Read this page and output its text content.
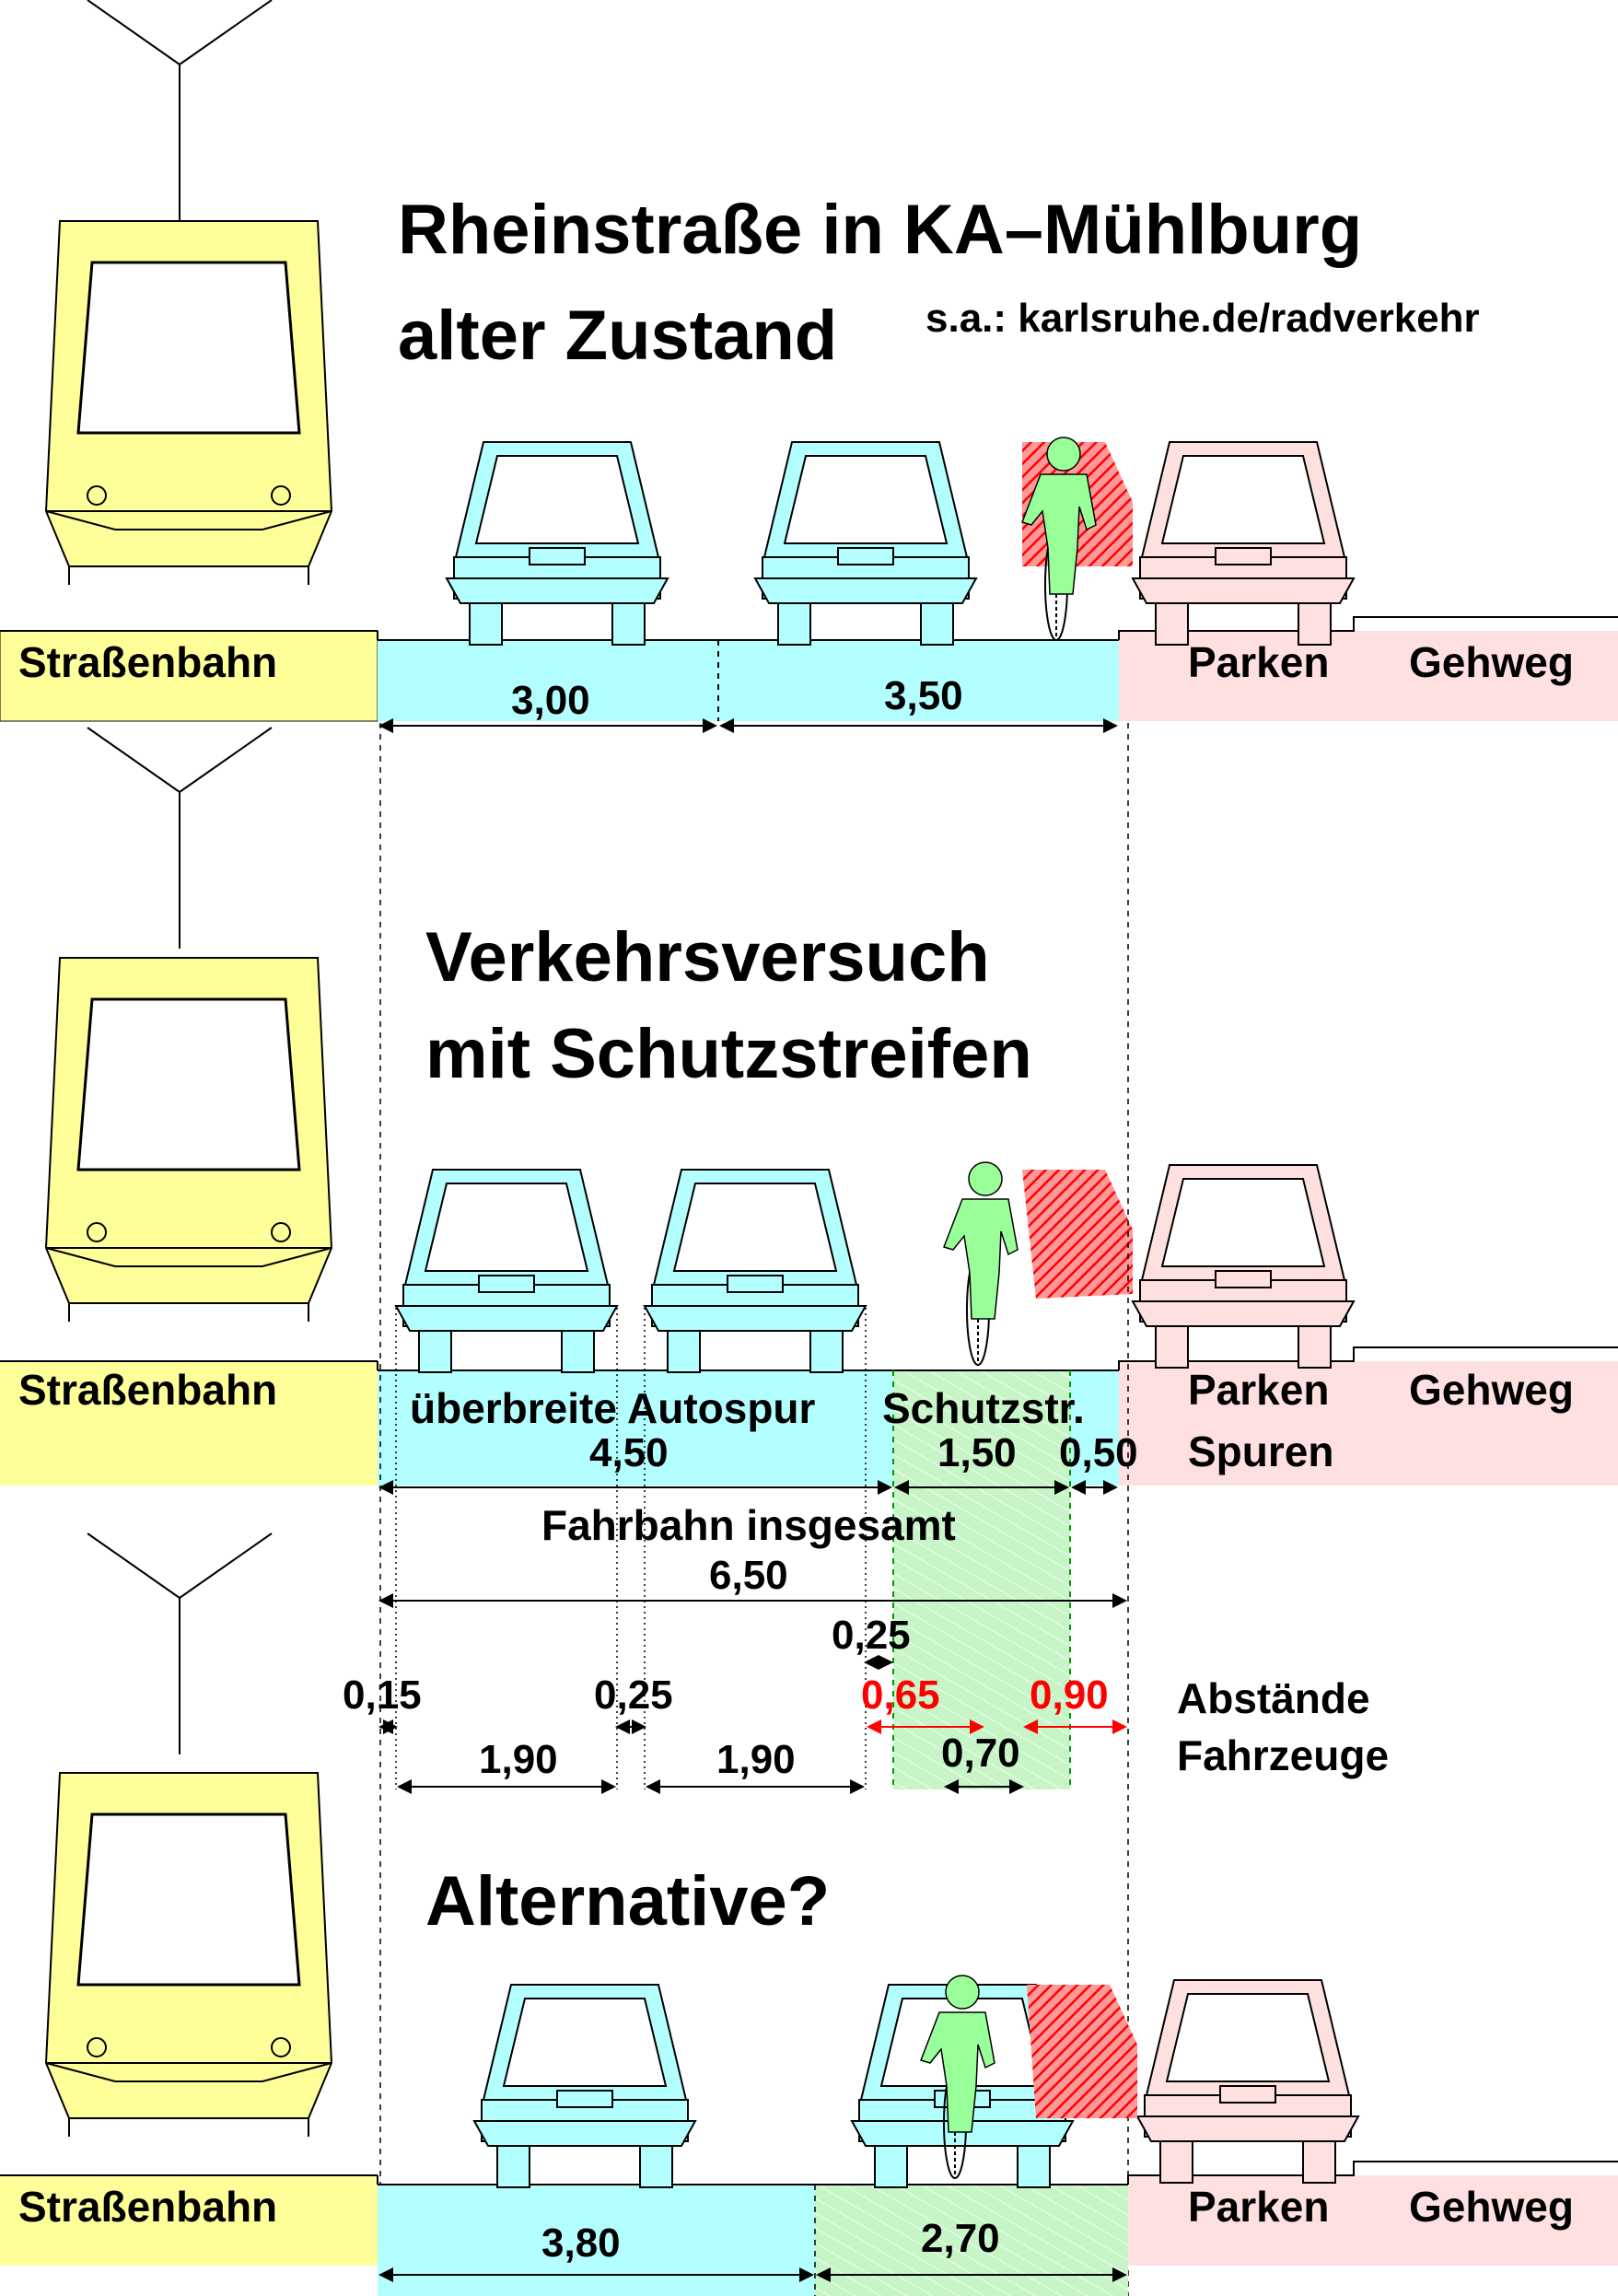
Straßenbahn	Parken Gehweg
3,00	3,50
Rheinstraße in KA–Mühlburg
alter Zustand s.a.: karlsruhe.de/radverkehr
Straßenbahn	überbreite Autospur Schutzstr. Parken Gehweg
Spuren
4,50	1,50 0,50
Verkehrsversuch
mit Schutzstreifen
Fahrbahn insgesamt
6,50
0,25
0,15	0,25	0,65 0,90
1,90	1,90	0,70
Abstände
Fahrzeuge
Straßenbahn	Parken Gehweg
3,80	2,70
Alternative?
